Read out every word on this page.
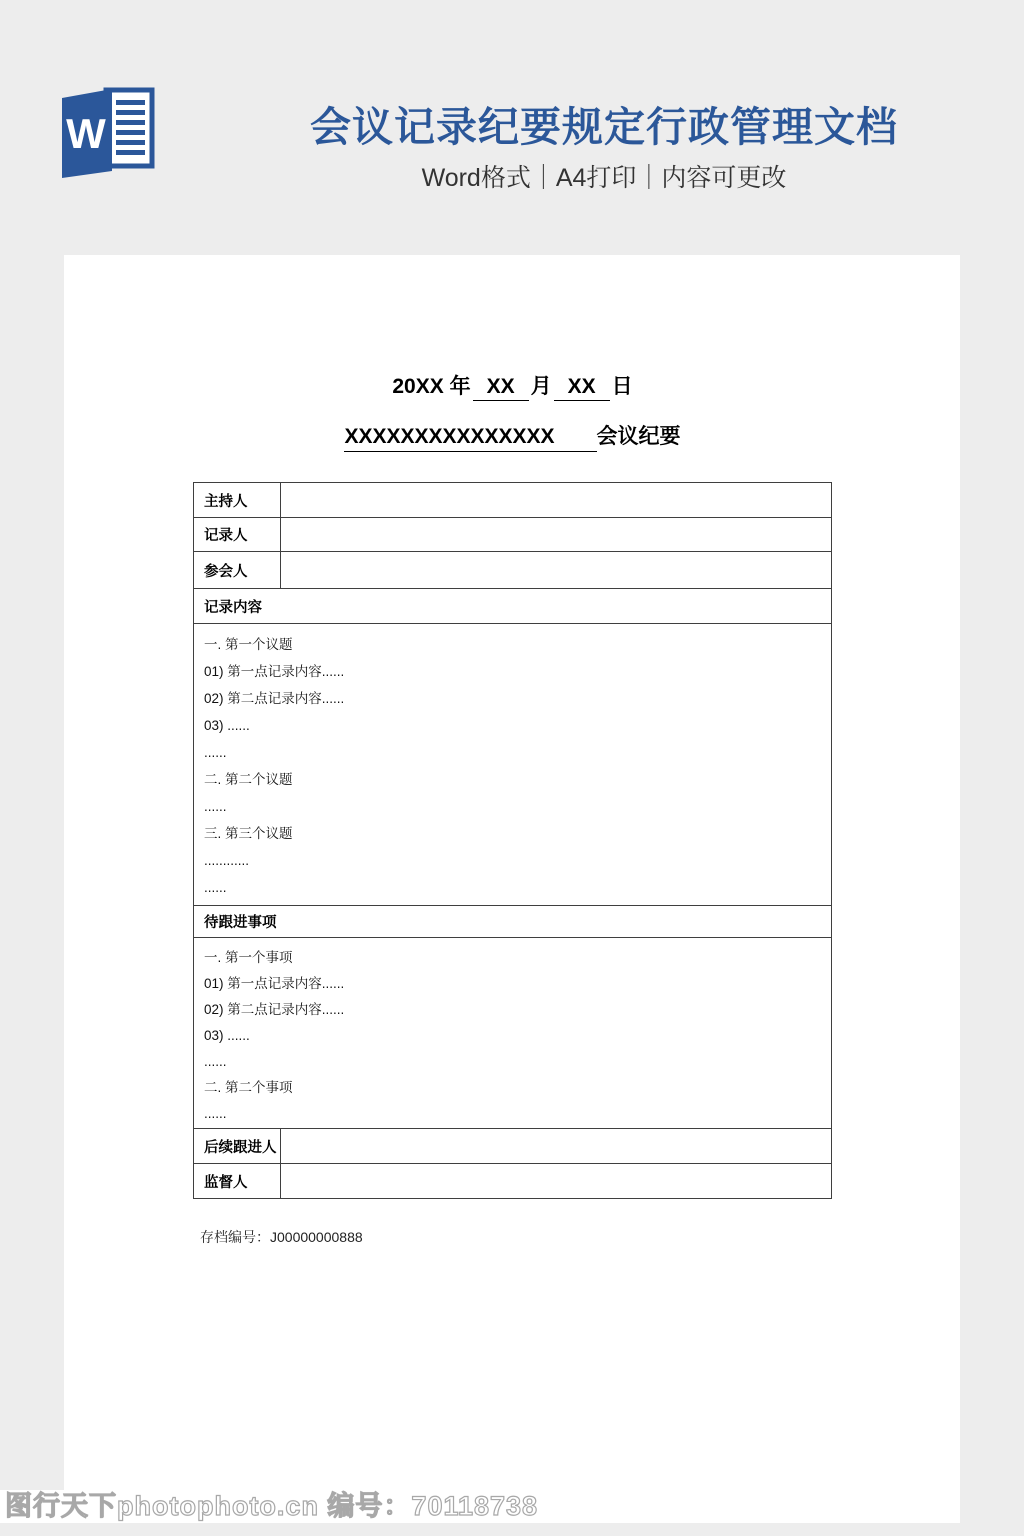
W	会议记录纪要规定行政管理文档
Word格式｜A4打印｜内容可更改
20XX 年 XX 月 XX 日
XXXXXXXXXXXXXXX 会议纪要
主持人
记录人
参会人
记录内容
一. 第一个议题
01) 第一点记录内容......
02) 第二点记录内容......
03) ......
......
二. 第二个议题
......
三. 第三个议题
............
......
待跟进事项
一. 第一个事项
01) 第一点记录内容......
02) 第二点记录内容......
03) ......
......
二. 第二个事项
......
后续跟进人
监督人
存档编号：J00000000888
图行天下photophoto.cn 编号：70118738
